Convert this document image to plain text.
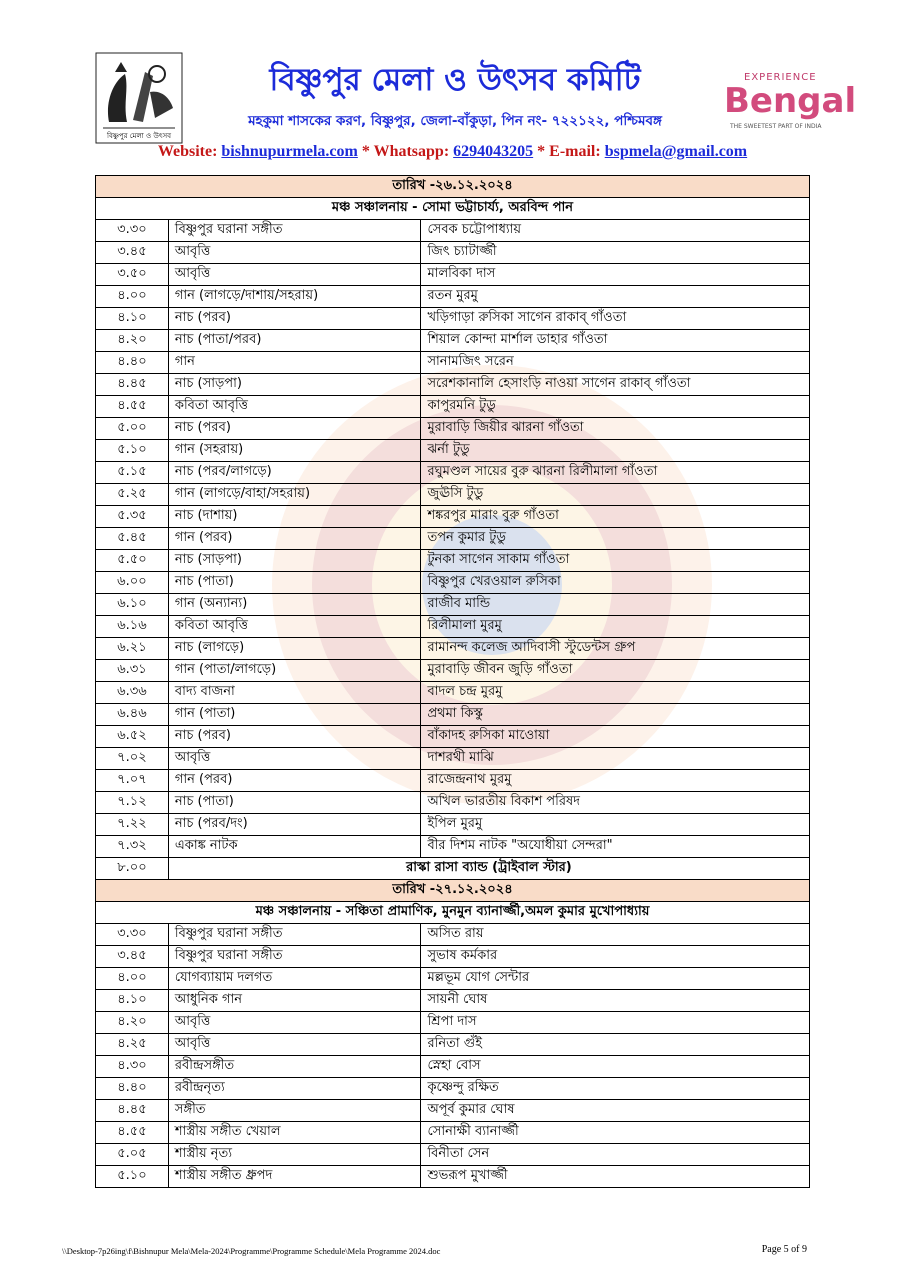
বিষ্ণুপুর মেলা ও উৎসব
বিষ্ণুপুর মেলা ও উৎসব কমিটি
মহকুমা শাসকের করণ, বিষ্ণুপুর, জেলা-বাঁকুড়া, পিন নং- ৭২২১২২, পশ্চিমবঙ্গ
EXPERIENCE
Bengal
THE SWEETEST PART OF INDIA
Website: bishnupurmela.com * Whatsapp: 6294043205 * E-mail: bspmela@gmail.com
তারিখ -২৬.১২.২০২৪		
মঞ্চ সঞ্চালনায় - সোমা ভট্টাচার্য্য, অরবিন্দ পান		
৩.৩০	বিষ্ণুপুর ঘরানা সঙ্গীত	সেবক চট্টোপাধ্যায়
৩.৪৫	আবৃত্তি	জিৎ চ্যাটার্জ্জী
৩.৫০	আবৃত্তি	মালবিকা দাস
৪.০০	গান (লাগড়ে/দাশায়/সহরায়)	রতন মুরমু
৪.১০	নাচ (পরব)	খড়িগাড়া রুসিকা সাগেন রাকাব্ গাঁওতা
৪.২০	নাচ (পাতা/পরব)	শিয়াল কোন্দা মার্শাল ডাহার গাঁওতা
৪.৪০	গান	সানামজিৎ সরেন
৪.৪৫	নাচ (সাড়পা)	সরেশকানালি হেসাংড়ি নাওয়া সাগেন রাকাব্ গাঁওতা
৪.৫৫	কবিতা আবৃত্তি	কাপুরমনি টুডু
৫.০০	নাচ (পরব)	মুরাবাড়ি জিয়ীর ঝারনা গাঁওতা
৫.১০	গান (সহরায়)	ঝর্না টুডু
৫.১৫	নাচ (পরব/লাগড়ে)	রঘুমণ্ডল সায়ের বুরু ঝারনা রিলীমালা গাঁওতা
৫.২৫	গান (লাগড়ে/বাহা/সহরায়)	জুঊসি টুডু
৫.৩৫	নাচ (দাশায়)	শঙ্করপুর মারাং বুরু গাঁওতা
৫.৪৫	গান (পরব)	তপন কুমার টুডু
৫.৫০	নাচ (সাড়পা)	টুনকা সাগেন সাকাম গাঁওতা
৬.০০	নাচ (পাতা)	বিষ্ণুপুর খেরওয়াল রুসিকা
৬.১০	গান (অন্যান্য)	রাজীব মান্ডি
৬.১৬	কবিতা আবৃত্তি	রিলীমালা মুরমু
৬.২১	নাচ (লাগড়ে)	রামানন্দ কলেজ আদিবাসী স্টুডেন্টস গ্রুপ
৬.৩১	গান (পাতা/লাগড়ে)	মুরাবাড়ি জীবন জুড়ি গাঁওতা
৬.৩৬	বাদ্য বাজনা	বাদল চন্দ্র মুরমু
৬.৪৬	গান (পাতা)	প্রথমা কিস্কু
৬.৫২	নাচ (পরব)	বাঁকাদহ রুসিকা মাওোয়া
৭.০২	আবৃত্তি	দাশরথী মাঝি
৭.০৭	গান (পরব)	রাজেন্দ্রনাথ মুরমু
৭.১২	নাচ (পাতা)	অখিল ভারতীয় বিকাশ পরিষদ
৭.২২	নাচ (পরব/দং)	ইপিল মুরমু
৭.৩২	একাঙ্ক নাটক	বীর দিশম নাটক "অযোধীয়া সেন্দরা"
৮.০০	রাস্কা রাসা ব্যান্ড (ট্রাইবাল স্টার)	
তারিখ -২৭.১২.২০২৪		
মঞ্চ সঞ্চালনায় - সঞ্চিতা প্রামাণিক, মুনমুন ব্যানার্জ্জী,অমল কুমার মুখোপাধ্যায়		
৩.৩০	বিষ্ণুপুর ঘরানা সঙ্গীত	অসিত রায়
৩.৪৫	বিষ্ণুপুর ঘরানা সঙ্গীত	সুভাষ কর্মকার
৪.০০	যোগব্যায়াম দলগত	মল্লভূম যোগ সেন্টার
৪.১০	আধুনিক গান	সায়নী ঘোষ
৪.২০	আবৃত্তি	শ্রিপা দাস
৪.২৫	আবৃত্তি	রনিতা গুঁই
৪.৩০	রবীন্দ্রসঙ্গীত	স্নেহা বোস
৪.৪০	রবীন্দ্রনৃত্য	কৃষ্ণেন্দু রক্ষিত
৪.৪৫	সঙ্গীত	অপূর্ব কুমার ঘোষ
৪.৫৫	শাস্ত্রীয় সঙ্গীত খেয়াল	সোনাক্ষী ব্যানার্জ্জী
৫.০৫	শাস্ত্রীয় নৃত্য	বিনীতা সেন
৫.১০	শাস্ত্রীয় সঙ্গীত ধ্রুপদ	শুভরূপ মুখার্জ্জী
\\Desktop-7p26ing\f\Bishnupur Mela\Mela-2024\Programme\Programme Schedule\Mela Programme 2024.doc	Page 5 of 9
